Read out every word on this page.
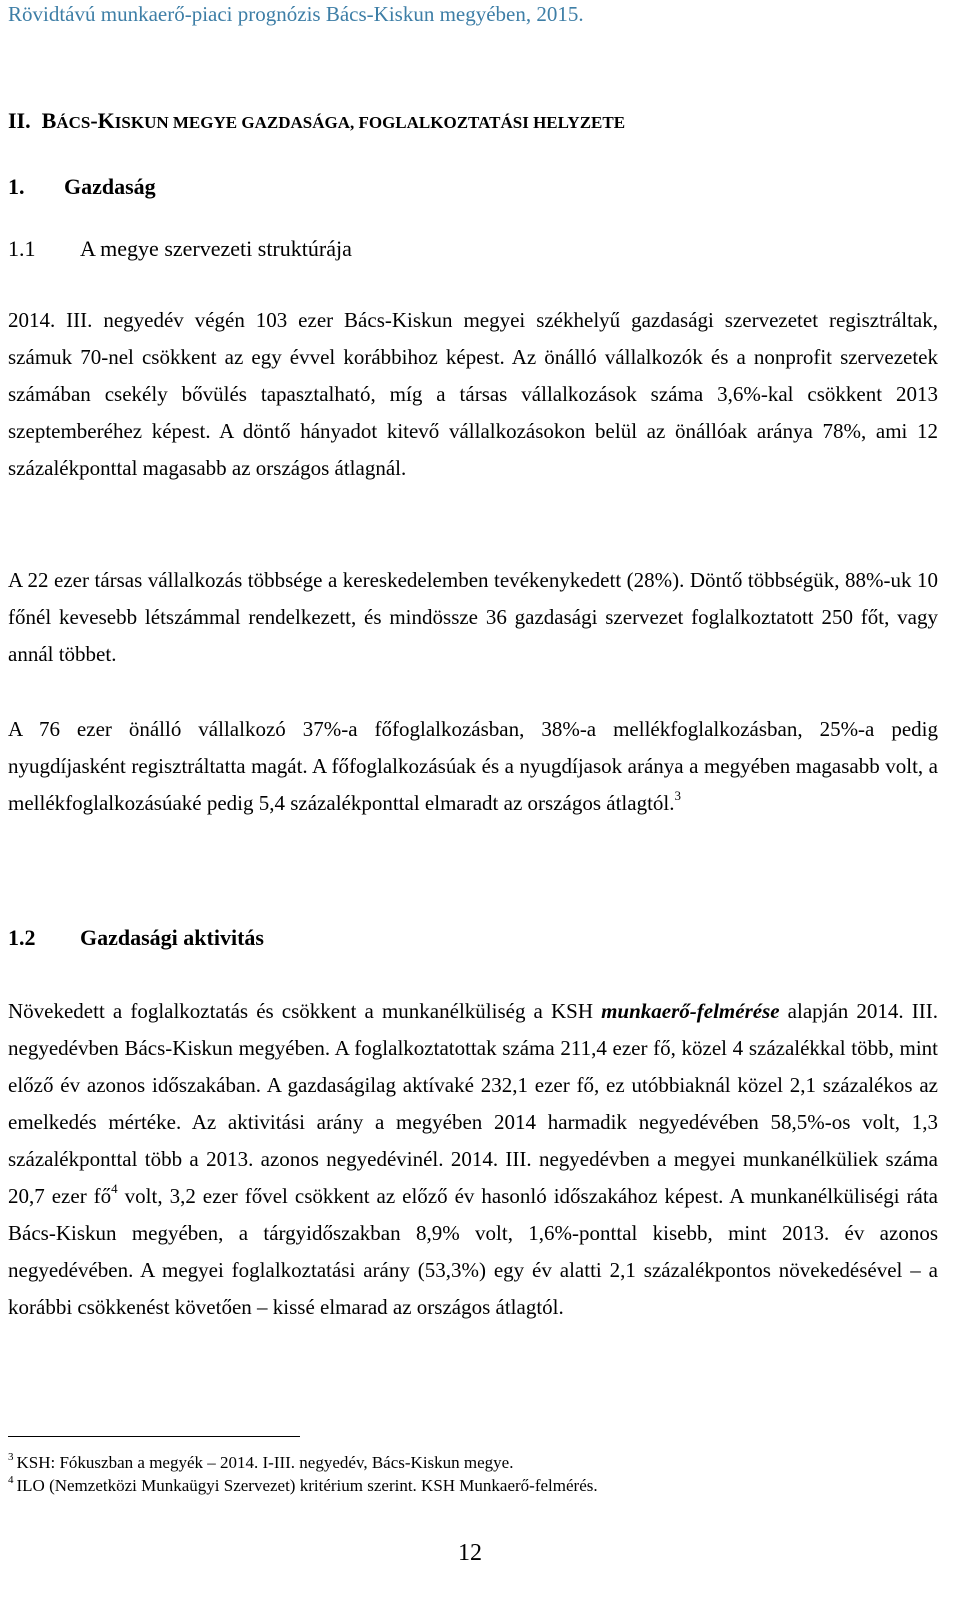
Rövidtávú munkaerő-piaci prognózis Bács-Kiskun megyében, 2015.
II. BÁCS-KISKUN MEGYE GAZDASÁGA, FOGLALKOZTATÁSI HELYZETE
1. Gazdaság
1.1 A megye szervezeti struktúrája

2014. III. negyedév végén 103 ezer Bács-Kiskun megyei székhelyű gazdasági szervezetet regisztráltak, számuk 70-nel csökkent az egy évvel korábbihoz képest. Az önálló vállalkozók és a nonprofit szervezetek számában csekély bővülés tapasztalható, míg a társas vállalkozások száma 3,6%-kal csökkent 2013 szeptemberéhez képest. A döntő hányadot kitevő vállalkozásokon belül az önállóak aránya 78%, ami 12 százalékponttal magasabb az országos átlagnál.

A 22 ezer társas vállalkozás többsége a kereskedelemben tevékenykedett (28%). Döntő többségük, 88%-uk 10 főnél kevesebb létszámmal rendelkezett, és mindössze 36 gazdasági szervezet foglalkoztatott 250 főt, vagy annál többet.

A 76 ezer önálló vállalkozó 37%-a főfoglalkozásban, 38%-a mellékfoglalkozásban, 25%-a pedig nyugdíjasként regisztráltatta magát. A főfoglalkozásúak és a nyugdíjasok aránya a megyében magasabb volt, a mellékfoglalkozásúaké pedig 5,4 százalékponttal elmaradt az országos átlagtól.$^3$

1.2 Gazdasági aktivitás

Növekedett a foglalkoztatás és csökkent a munkanélküliség a KSH munkaerő-felmérése alapján 2014. III. negyedévben Bács-Kiskun megyében. A foglalkoztatottak száma 211,4 ezer fő, közel 4 százalékkal több, mint előző év azonos időszakában. A gazdaságilag aktívaké 232,1 ezer fő, ez utóbbiaknál közel 2,1 százalékos az emelkedés mértéke. Az aktivitási arány a megyében 2014 harmadik negyedévében 58,5%-os volt, 1,3 százalékponttal több a 2013. azonos negyedévinél. 2014. III. negyedévben a megyei munkanélküliek száma 20,7 ezer $fő^4$ volt, 3,2 ezer fővel csökkent az előző év hasonló időszakához képest. A munkanélküliségi ráta Bács-Kiskun megyében, a tárgyidőszakban 8,9% volt, 1,6%-ponttal kisebb, mint 2013. év azonos negyedévében. A megyei foglalkoztatási arány (53,3%) egy év alatti 2,1 százalékpontos növekedésével – a korábbi csökkenést követően – kissé elmarad az országos átlagtól.

$^3$ KSH: Fókuszban a megyék – 2014. I-III. negyedév, Bács-Kiskun megye.
$^4$ ILO (Nemzetközi Munkaügyi Szervezet) kritérium szerint. KSH Munkaerő-felmérés.
12
